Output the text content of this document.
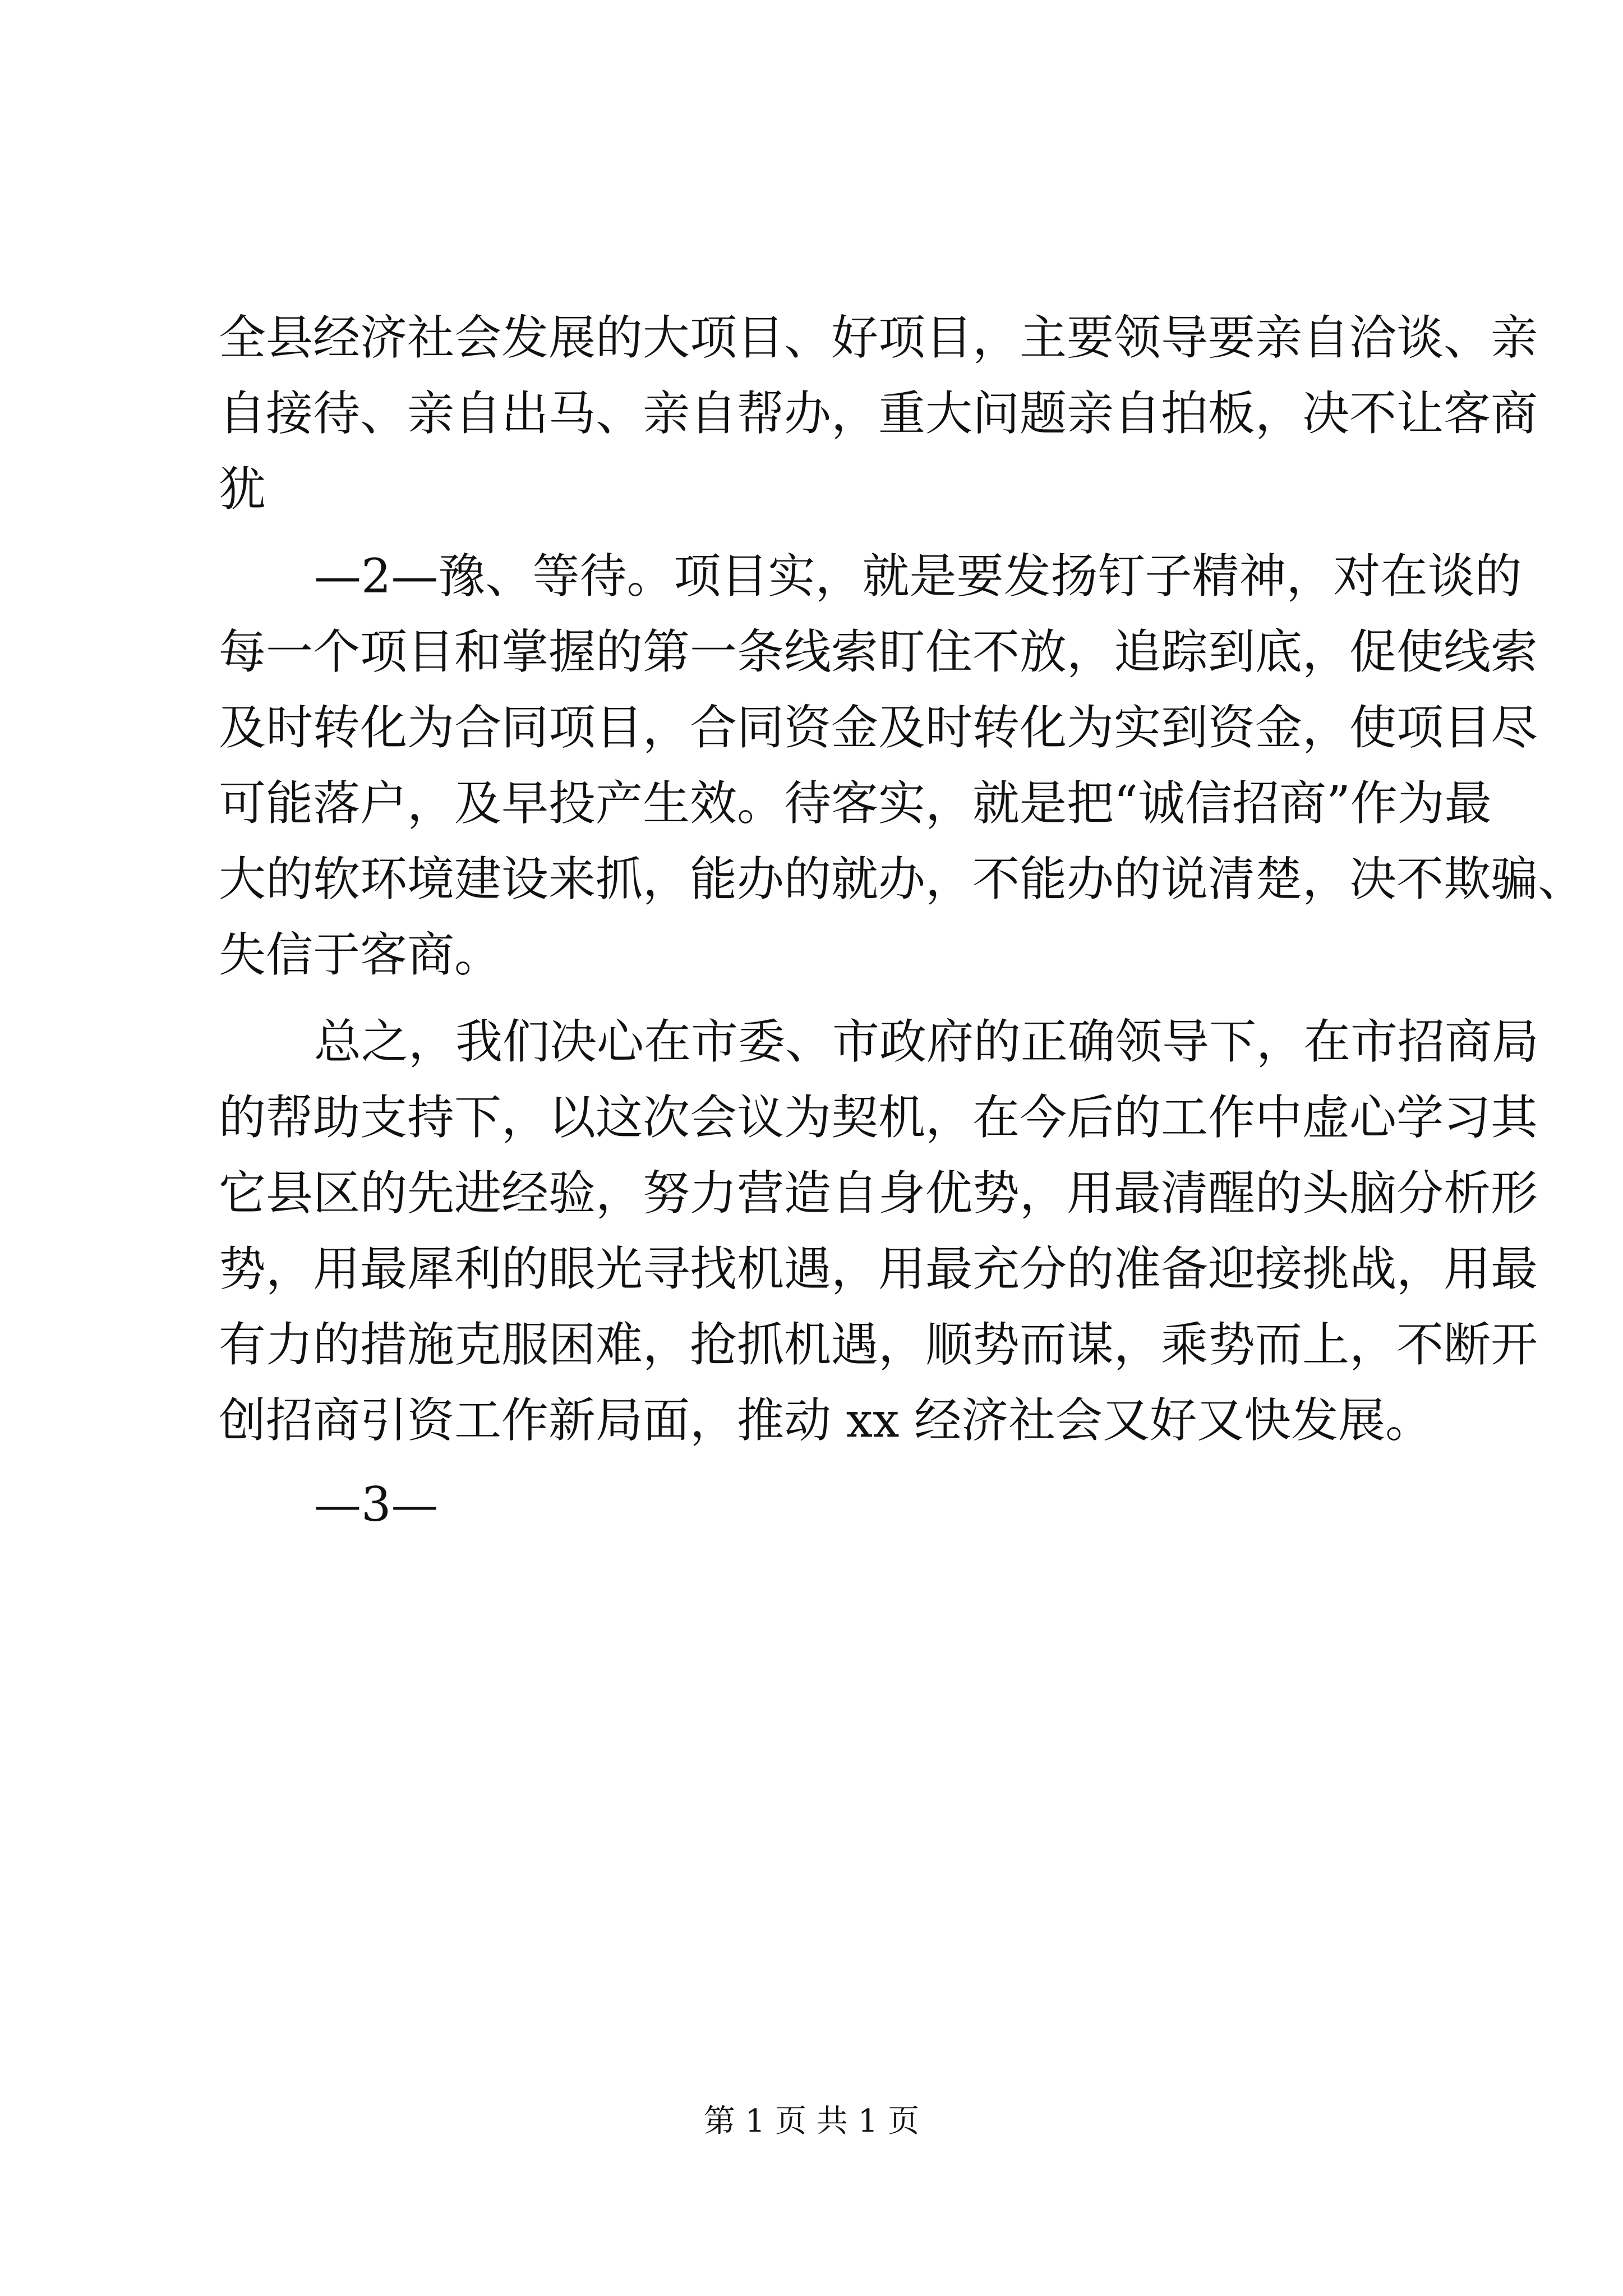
全县经济社会发展的大项目、好项目，主要领导要亲自洽谈、亲
自接待、亲自出马、亲自帮办，重大问题亲自拍板，决不让客商
犹
—2—豫、等待。项目实，就是要发扬钉子精神，对在谈的
每一个项目和掌握的第一条线索盯住不放，追踪到底，促使线索
及时转化为合同项目，合同资金及时转化为实到资金，使项目尽
可能落户，及早投产生效。待客实，就是把“诚信招商”作为最
大的软环境建设来抓，能办的就办，不能办的说清楚，决不欺骗、
失信于客商。
总之，我们决心在市委、市政府的正确领导下，在市招商局
的帮助支持下，以这次会议为契机，在今后的工作中虚心学习其
它县区的先进经验，努力营造自身优势，用最清醒的头脑分析形
势，用最犀利的眼光寻找机遇，用最充分的准备迎接挑战，用最
有力的措施克服困难，抢抓机遇，顺势而谋，乘势而上，不断开
创招商引资工作新局面，推动 xx 经济社会又好又快发展。
—3—
第 1 页 共 1 页
